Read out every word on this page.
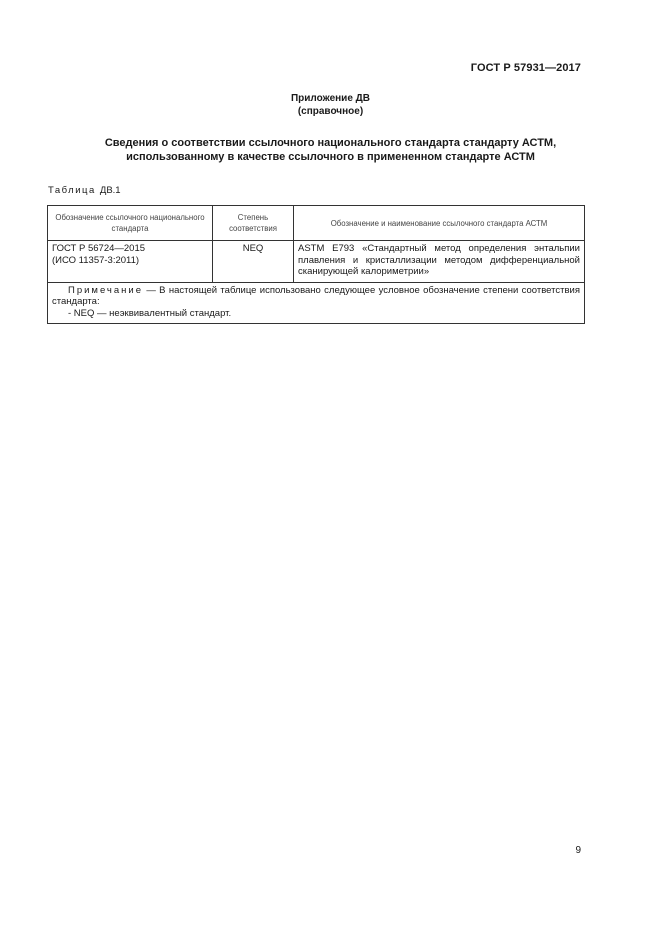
ГОСТ Р 57931—2017
Приложение ДВ
(справочное)
Сведения о соответствии ссылочного национального стандарта стандарту АСТМ,
использованному в качестве ссылочного в примененном стандарте АСТМ
Таблица ДВ.1
Обозначение ссылочного национального стандарта	Степень соответствия	Обозначение и наименование ссылочного стандарта АСТМ

ГОСТ Р 56724—2015
(ИСО 11357-3:2011)	NEQ	ASTM E793 «Стандартный метод определения энтальпии плавления и кристаллизации методом дифференциальной сканирующей калориметрии»

Примечание — В настоящей таблице использовано следующее условное обозначение степени соответствия стандарта:
- NEQ — неэквивалентный стандарт.		
9
